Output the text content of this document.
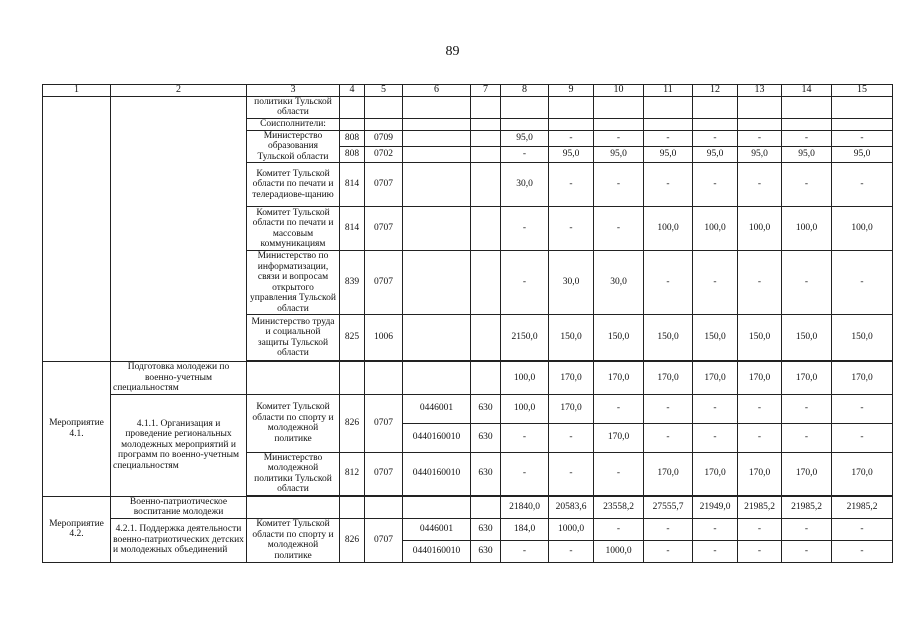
89
1	2	3	4	5	6	7	8	9	10	11	12	13	14	15
		политики Тульской области												
		Соисполнители:												
		Министерство образования Тульской области	808	0709			95,0	-	-	-	-	-	-	-
			808	0702			-	95,0	95,0	95,0	95,0	95,0	95,0	95,0
		Комитет Тульской области по печати и телерадиове-щанию	814	0707			30,0	-	-	-	-	-	-	-
		Комитет Тульской области по печати и массовым коммуникациям	814	0707			-	-	-	100,0	100,0	100,0	100,0	100,0
		Министерство по информатизации, связи и вопросам открытого управления Тульской области	839	0707			-	30,0	30,0	-	-	-	-	-
		Министерство труда и социальной защиты Тульской области	825	1006			2150,0	150,0	150,0	150,0	150,0	150,0	150,0	150,0

Мероприятие 4.1.	Подготовка молодежи по военно-учетным специальностям						100,0	170,0	170,0	170,0	170,0	170,0	170,0	170,0
	4.1.1. Организация и проведение региональных молодежных мероприятий и программ по военно-учетным специальностям	Комитет Тульской области по спорту и молодежной политике	826	0707	0446001	630	100,0	170,0	-	-	-	-	-	-
					0440160010	630	-	-	170,0	-	-	-	-	-
		Министерство молодежной политики Тульской области	812	0707	0440160010	630	-	-	-	170,0	170,0	170,0	170,0	170,0

Мероприятие 4.2.	Военно-патриотическое воспитание молодежи						21840,0	20583,6	23558,2	27555,7	21949,0	21985,2	21985,2	21985,2
	4.2.1. Поддержка деятельности военно-патриотических детских и молодежных объединений	Комитет Тульской области по спорту и молодежной политике	826	0707	0446001	630	184,0	1000,0	-	-	-	-	-	-
					0440160010	630	-	-	1000,0	-	-	-	-	-
